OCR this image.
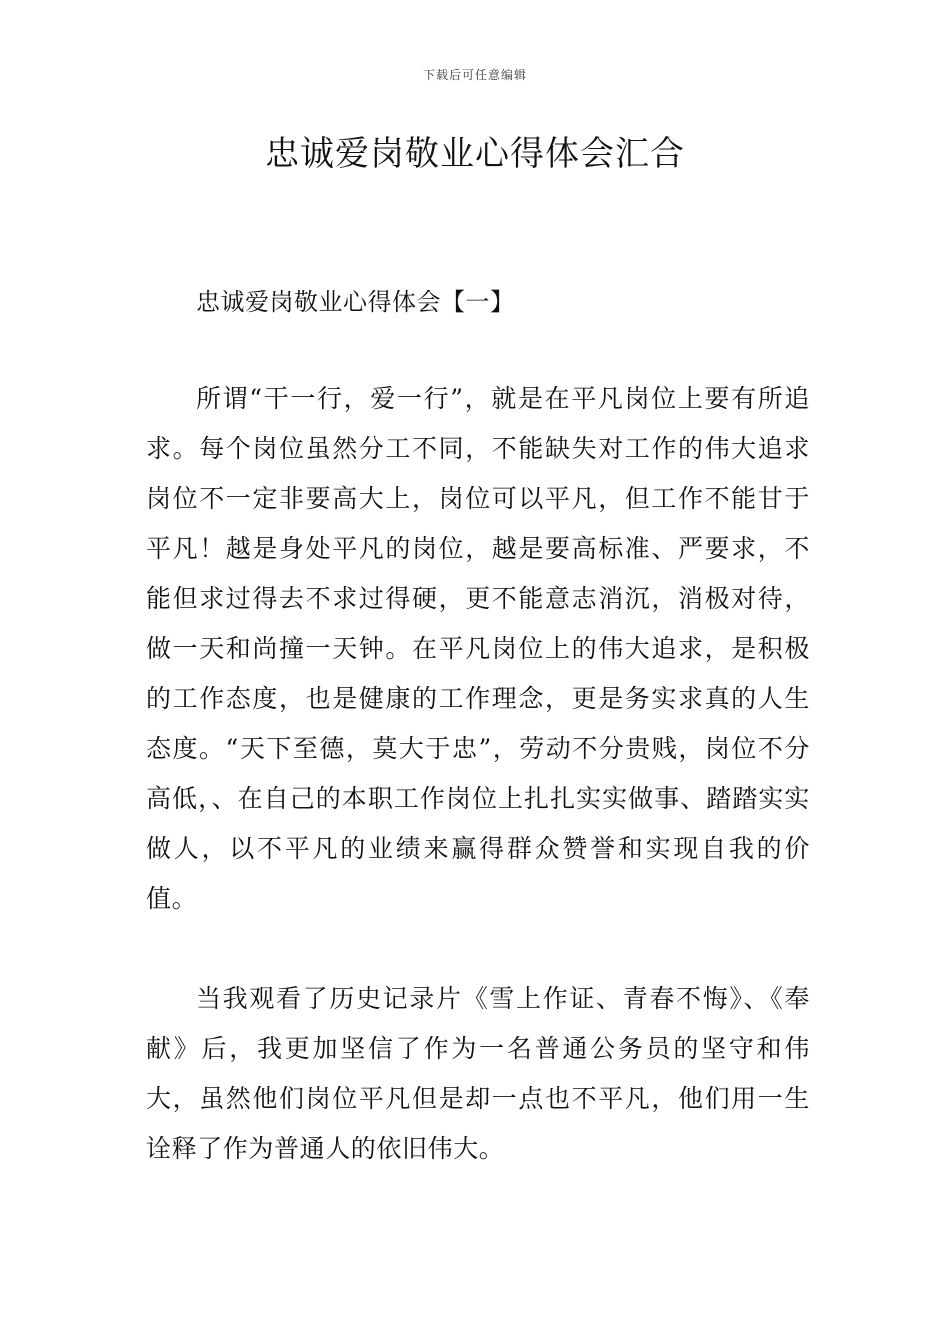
下载后可任意编辑
忠诚爱岗敬业心得体会汇合
忠诚爱岗敬业心得体会【一】

所谓“干一行，爱一行”，就是在平凡岗位上要有所追求。每个岗位虽然分工不同，不能缺失对工作的伟大追求岗位不一定非要高大上，岗位可以平凡，但工作不能甘于平凡！越是身处平凡的岗位，越是要高标准、严要求，不能但求过得去不求过得硬，更不能意志消沉，消极对待，做一天和尚撞一天钟。在平凡岗位上的伟大追求，是积极的工作态度，也是健康的工作理念，更是务实求真的人生态度。“天下至德，莫大于忠”，劳动不分贵贱，岗位不分高低，、在自己的本职工作岗位上扎扎实实做事、踏踏实实做人，以不平凡的业绩来赢得群众赞誉和实现自我的价值。

当我观看了历史记录片《雪上作证、青春不悔》、《奉献》后，我更加坚信了作为一名普通公务员的坚守和伟大，虽然他们岗位平凡但是却一点也不平凡，他们用一生诠释了作为普通人的依旧伟大。
